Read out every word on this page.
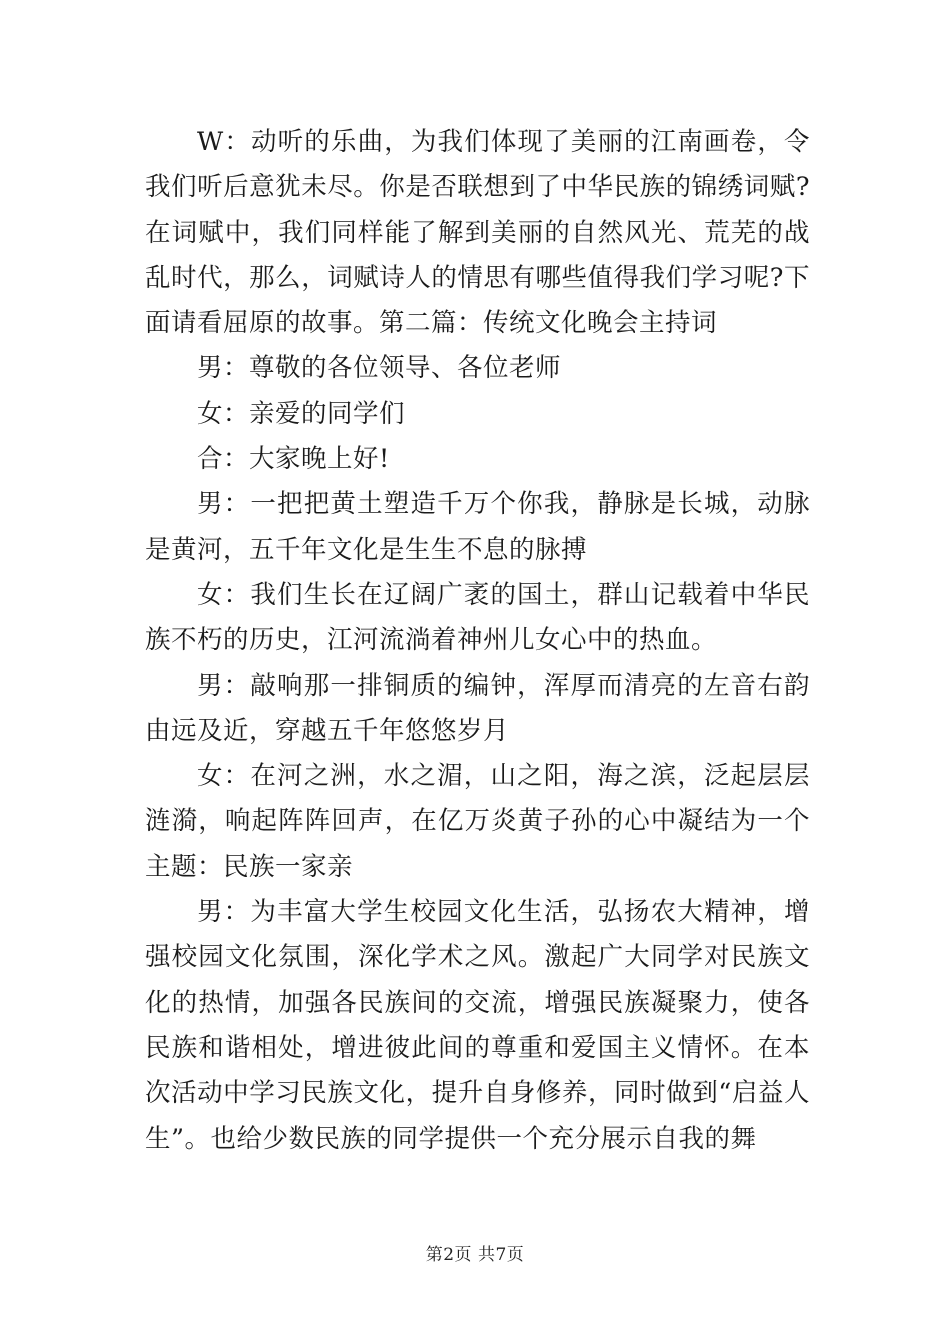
W：动听的乐曲，为我们体现了美丽的江南画卷，令我们听后意犹未尽。你是否联想到了中华民族的锦绣词赋?在词赋中，我们同样能了解到美丽的自然风光、荒芜的战乱时代，那么，词赋诗人的情思有哪些值得我们学习呢?下面请看屈原的故事。第二篇：传统文化晚会主持词

男：尊敬的各位领导、各位老师

女：亲爱的同学们

合：大家晚上好!

男：一把把黄土塑造千万个你我，静脉是长城，动脉是黄河，五千年文化是生生不息的脉搏

女：我们生长在辽阔广袤的国土，群山记载着中华民族不朽的历史，江河流淌着神州儿女心中的热血。

男：敲响那一排铜质的编钟，浑厚而清亮的左音右韵由远及近，穿越五千年悠悠岁月

女：在河之洲，水之湄，山之阳，海之滨，泛起层层涟漪，响起阵阵回声，在亿万炎黄子孙的心中凝结为一个主题：民族一家亲

男：为丰富大学生校园文化生活，弘扬农大精神，增强校园文化氛围，深化学术之风。激起广大同学对民族文化的热情，加强各民族间的交流，增强民族凝聚力，使各民族和谐相处，增进彼此间的尊重和爱国主义情怀。在本次活动中学习民族文化，提升自身修养，同时做到“启益人生”。也给少数民族的同学提供一个充分展示自我的舞

第2页 共7页
